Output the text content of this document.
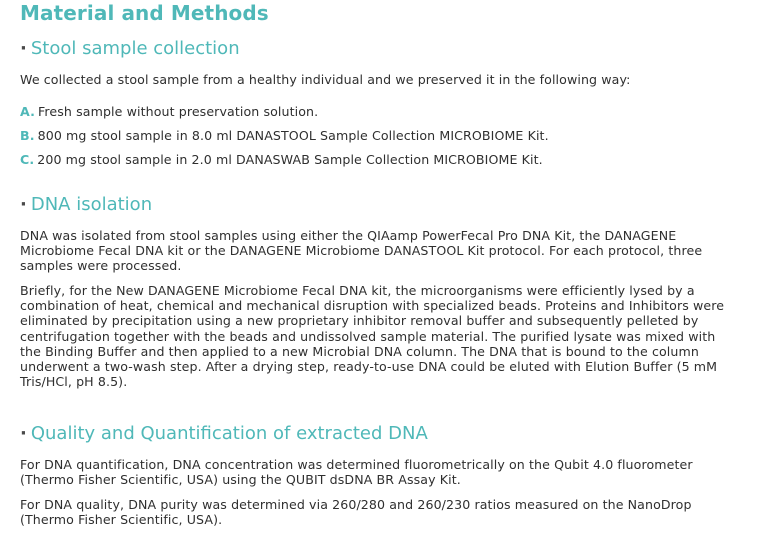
Material and Methods
· Stool sample collection
We collected a stool sample from a healthy individual and we preserved it in the following way:
A. Fresh sample without preservation solution.
B. 800 mg stool sample in 8.0 ml DANASTOOL Sample Collection MICROBIOME Kit.
C. 200 mg stool sample in 2.0 ml DANASWAB Sample Collection MICROBIOME Kit.
· DNA isolation
DNA was isolated from stool samples using either the QIAamp PowerFecal Pro DNA Kit, the DANAGENE Microbiome Fecal DNA kit or the DANAGENE Microbiome DANASTOOL Kit protocol. For each protocol, three samples were processed.
Briefly, for the New DANAGENE Microbiome Fecal DNA kit, the microorganisms were efficiently lysed by a combination of heat, chemical and mechanical disruption with specialized beads. Proteins and Inhibitors were eliminated by precipitation using a new proprietary inhibitor removal buffer and subsequently pelleted by centrifugation together with the beads and undissolved sample material. The purified lysate was mixed with the Binding Buffer and then applied to a new Microbial DNA column. The DNA that is bound to the column underwent a two-wash step. After a drying step, ready-to-use DNA could be eluted with Elution Buffer (5 mM Tris/HCl, pH 8.5).
· Quality and Quantification of extracted DNA
For DNA quantification, DNA concentration was determined fluorometrically on the Qubit 4.0 fluorometer (Thermo Fisher Scientific, USA) using the QUBIT dsDNA BR Assay Kit.
For DNA quality, DNA purity was determined via 260/280 and 260/230 ratios measured on the NanoDrop (Thermo Fisher Scientific, USA).
